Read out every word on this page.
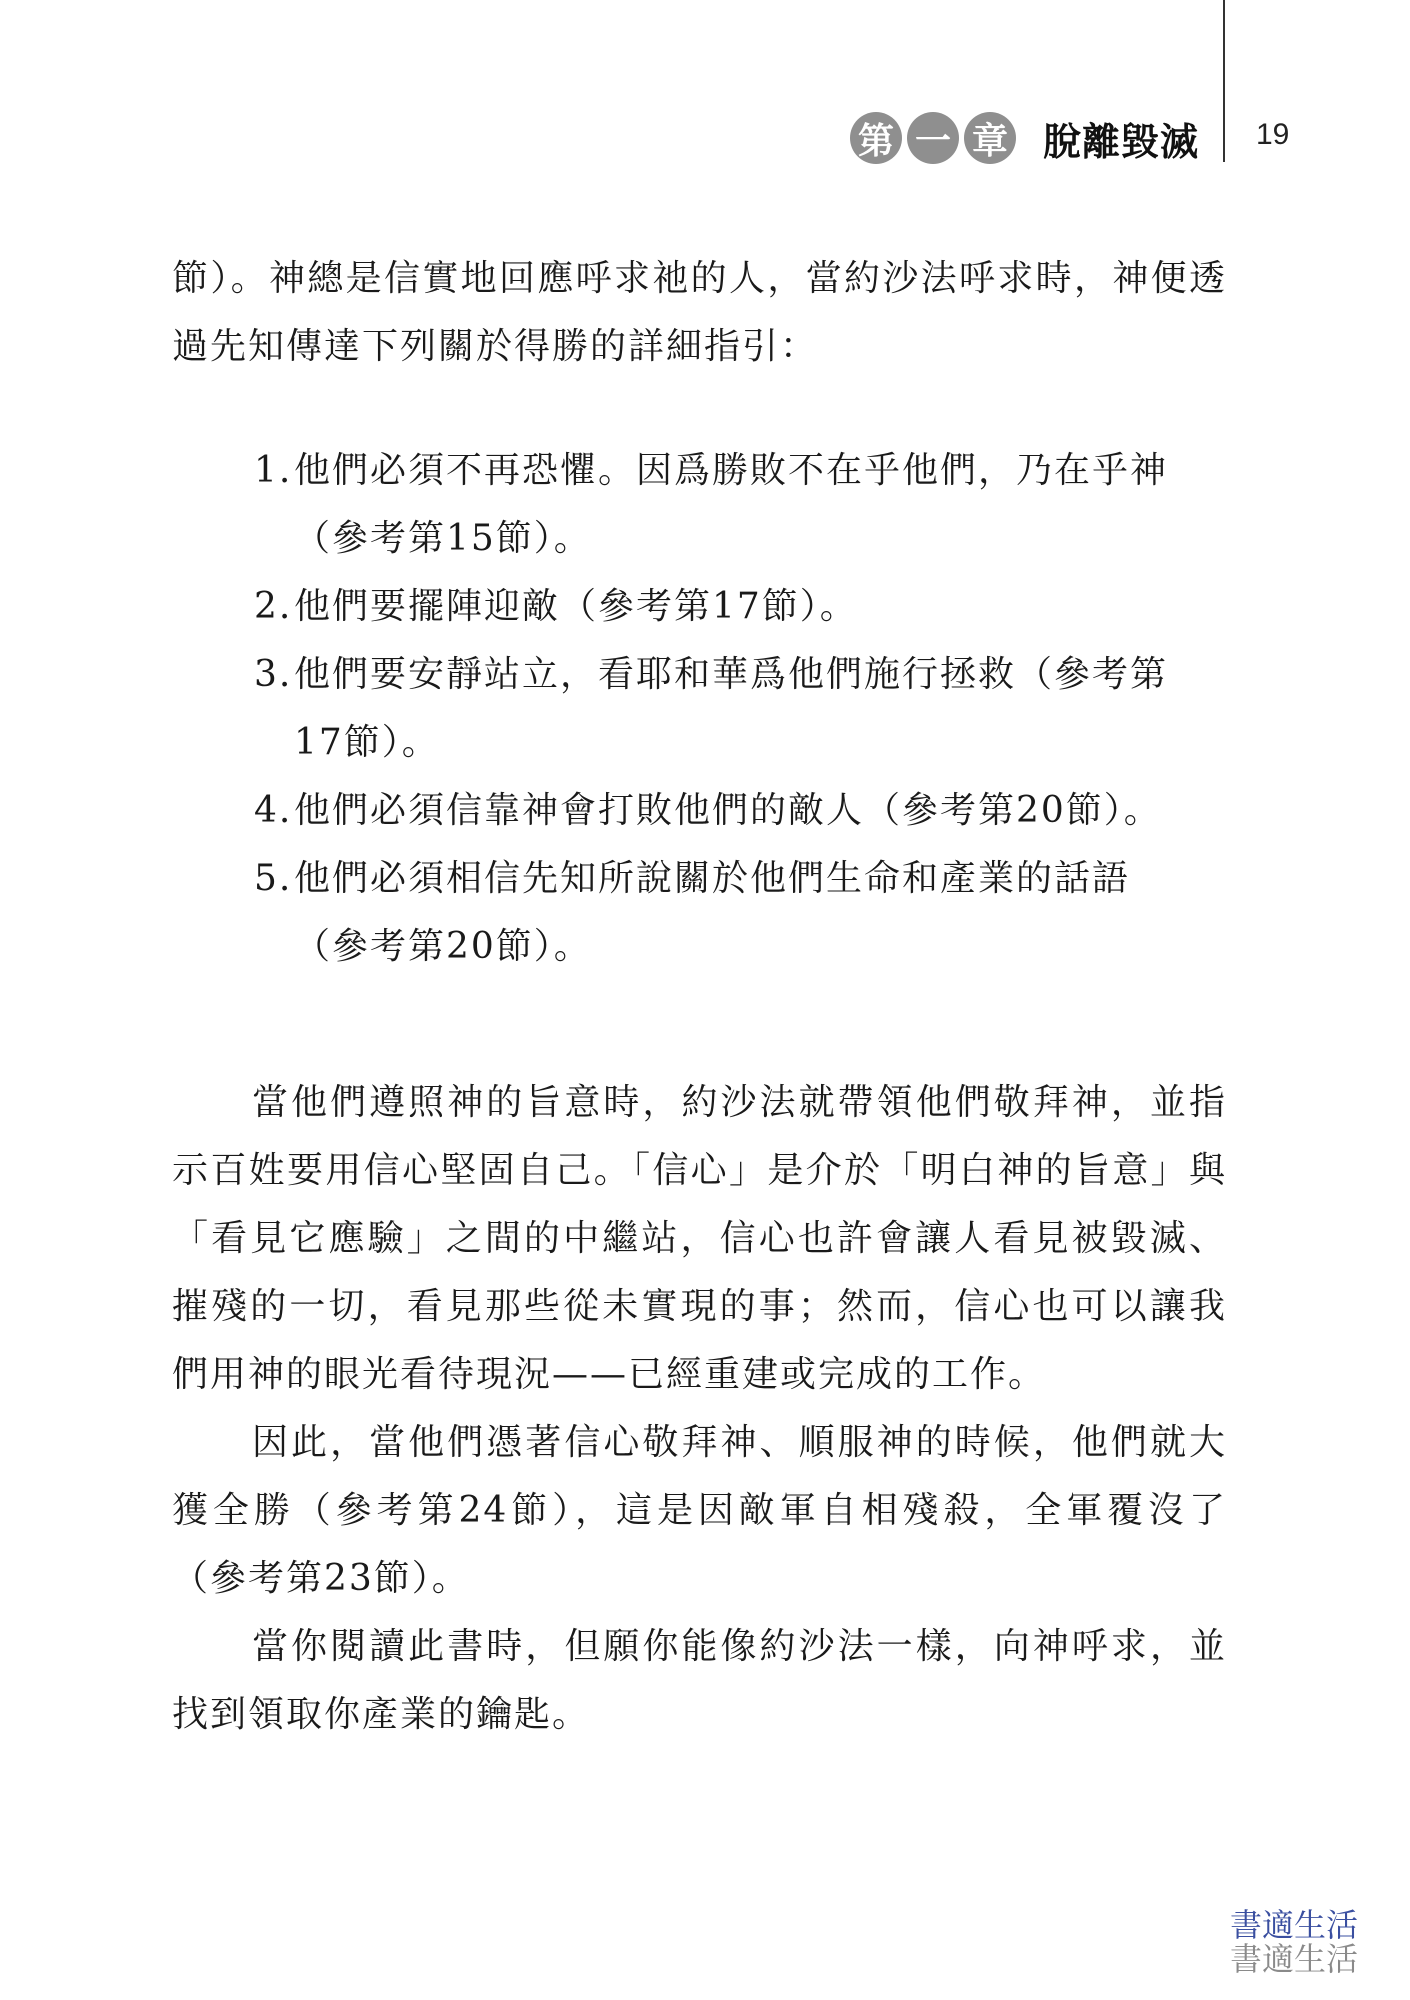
第 一 章 脫離毀滅 19

節）。神總是信實地回應呼求祂的人，當約沙法呼求時，神便透過先知傳達下列關於得勝的詳細指引：

1. 他們必須不再恐懼。因爲勝敗不在乎他們，乃在乎神（參考第15節）。
2. 他們要擺陣迎敵（參考第17節）。
3. 他們要安靜站立，看耶和華爲他們施行拯救（參考第17節）。
4. 他們必須信靠神會打敗他們的敵人（參考第20節）。
5. 他們必須相信先知所說關於他們生命和產業的話語（參考第20節）。

當他們遵照神的旨意時，約沙法就帶領他們敬拜神，並指示百姓要用信心堅固自己。「信心」是介於「明白神的旨意」與「看見它應驗」之間的中繼站，信心也許會讓人看見被毀滅、摧殘的一切，看見那些從未實現的事；然而，信心也可以讓我們用神的眼光看待現況——已經重建或完成的工作。

因此，當他們憑著信心敬拜神、順服神的時候，他們就大獲全勝（參考第24節），這是因敵軍自相殘殺，全軍覆沒了（參考第23節）。

當你閱讀此書時，但願你能像約沙法一樣，向神呼求，並找到領取你產業的鑰匙。

書適生活
書適生活
